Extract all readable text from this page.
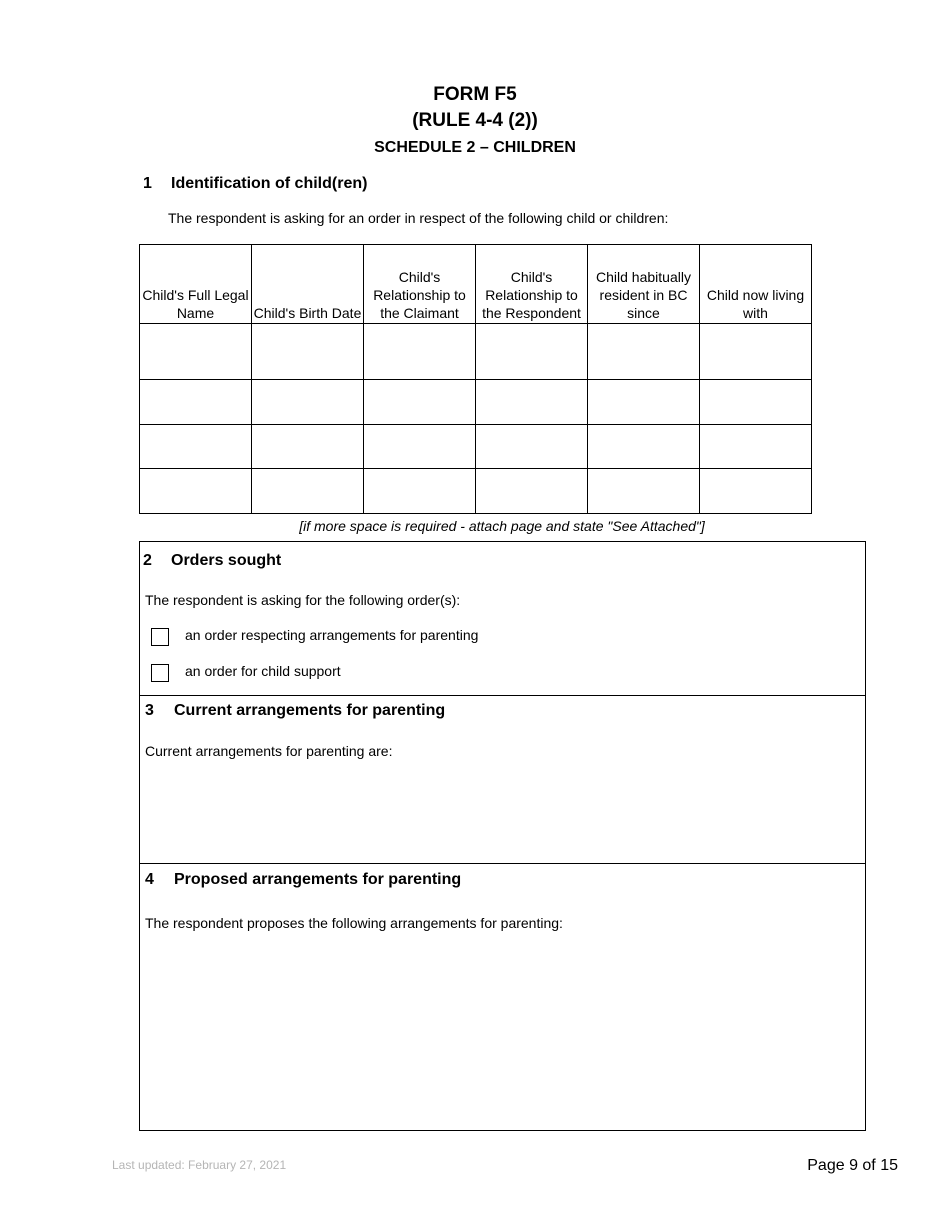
FORM F5
(RULE 4-4 (2))
SCHEDULE 2 – CHILDREN
1 Identification of child(ren)
The respondent is asking for an order in respect of the following child or children:
Child's Full Legal Name	Child's Birth Date	Child's Relationship to the Claimant	Child's Relationship to the Respondent	Child habitually resident in BC since	Child now living with

[if more space is required - attach page and state "See Attached"]
2 Orders sought
The respondent is asking for the following order(s):
an order respecting arrangements for parenting
an order for child support
3 Current arrangements for parenting
Current arrangements for parenting are:
4 Proposed arrangements for parenting
The respondent proposes the following arrangements for parenting:
Last updated: February 27, 2021	Page 9 of 15
